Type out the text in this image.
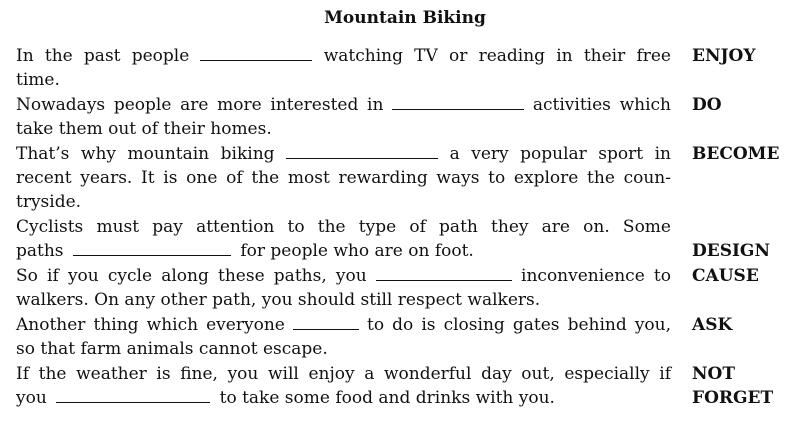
Mountain Biking
In the past people	watching TV or reading in their free
time.
ENJOY
Nowadays people are more interested in	activities which
take them out of their homes.
DO
That’s why mountain biking	a very popular sport in
recent years. It is one of the most rewarding ways to explore the coun-
tryside.
BECOME
Cyclists must pay attention to the type of path they are on. Some
paths	for people who are on foot.	DESIGN
So if you cycle along these paths, you	inconvenience to
walkers. On any other path, you should still respect walkers.
CAUSE
Another thing which everyone	to do is closing gates behind you,
so that farm animals cannot escape.
ASK
If the weather is fine, you will enjoy a wonderful day out, especially if
you	to take some food and drinks with you.
NOT
FORGET
